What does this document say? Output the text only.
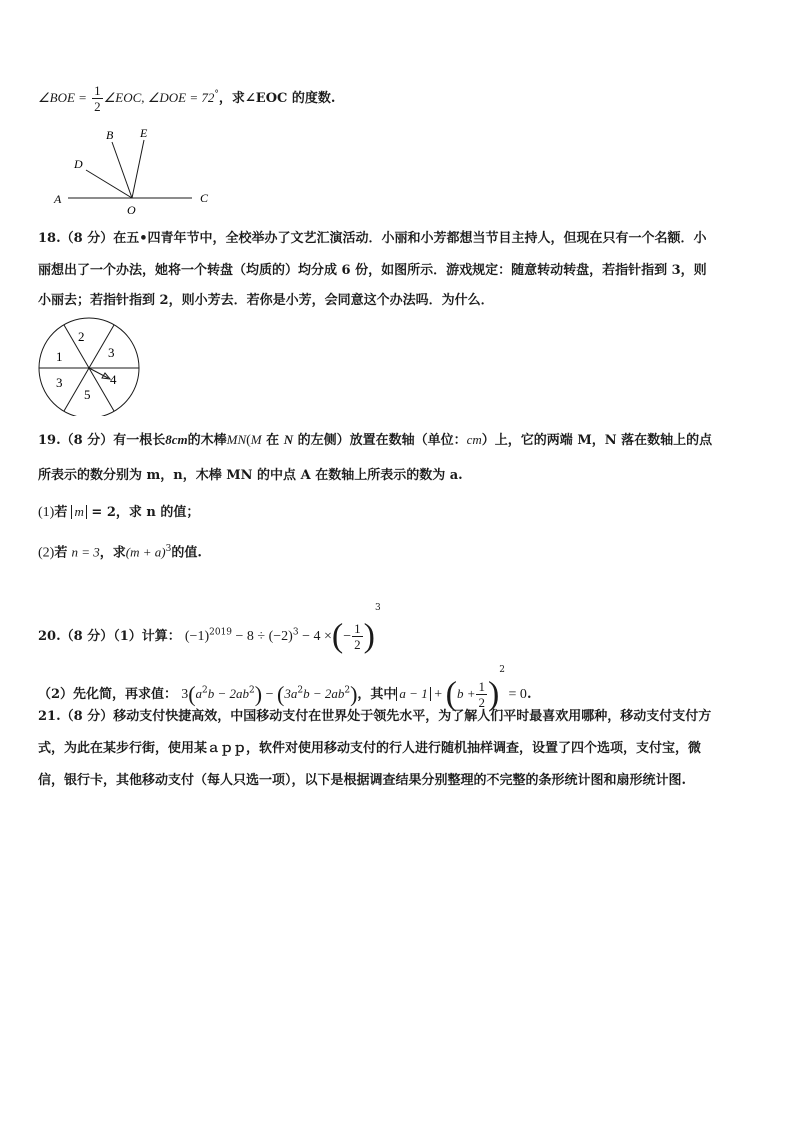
∠BOE = $\frac{1}{2}$ ∠EOC, ∠DOE = 72°，求∠EOC 的度数.
B E
D
A
O
C
18.（8 分）在五•四青年节中，全校举办了文艺汇演活动．小丽和小芳都想当节目主持人，但现在只有一个名额．小
丽想出了一个办法，她将一个转盘（均质的）均分成 6 份，如图所示．游戏规定：随意转动转盘，若指针指到 3，则
小丽去；若指针指到 2，则小芳去．若你是小芳，会同意这个办法吗．为什么．
2
3
1
4
3
5
19.（8 分）有一根长8cm的木棒MN(M 在 N 的左侧）放置在数轴（单位：cm）上，它的两端 M，N 落在数轴上的点
所表示的数分别为 m，n，木棒 MN 的中点 A 在数轴上所表示的数为 a.
(1)若 m = 2，求 n 的值；
(2)若 n = 3，求$(m + a)^3$的值.
20.（8 分）（1）计算： $(-1)^{2019} - 8 \div (-2)^3 - 4$ ×(− $\frac{1}{2} )^3$
（2）先化简，再求值： $3(a^2b - 2ab^2) - (3a^2b - 2ab^2)$，其中 $a - 1 + (b + \frac{1}{2} )^2 = 0$.
21.（8 分）移动支付快捷高效，中国移动支付在世界处于领先水平，为了解人们平时最喜欢用哪种，移动支付支付方
式，为此在某步行街，使用某ａｐｐ，软件对使用移动支付的行人进行随机抽样调查，设置了四个选项，支付宝，微
信，银行卡，其他移动支付（每人只选一项），以下是根据调查结果分别整理的不完整的条形统计图和扇形统计图.
